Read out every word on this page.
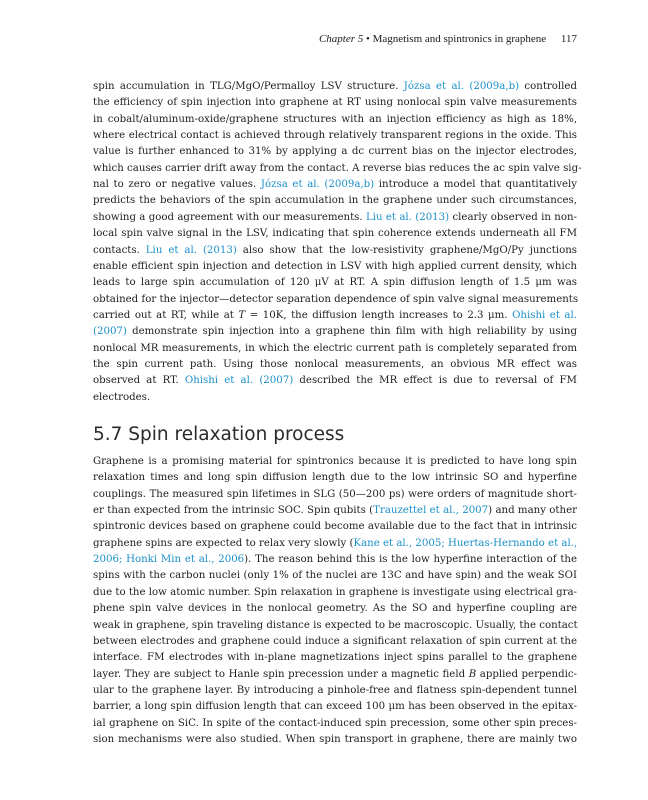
Chapter 5 • Magnetism and spintronics in graphene 117
spin accumulation in TLG/MgO/Permalloy LSV structure. Józsa et al. (2009a,b) controlled
the efficiency of spin injection into graphene at RT using nonlocal spin valve measurements
in cobalt/aluminum-oxide/graphene structures with an injection efficiency as high as 18%,
where electrical contact is achieved through relatively transparent regions in the oxide. This
value is further enhanced to 31% by applying a dc current bias on the injector electrodes,
which causes carrier drift away from the contact. A reverse bias reduces the ac spin valve sig-
nal to zero or negative values. Józsa et al. (2009a,b) introduce a model that quantitatively
predicts the behaviors of the spin accumulation in the graphene under such circumstances,
showing a good agreement with our measurements. Liu et al. (2013) clearly observed in non-
local spin valve signal in the LSV, indicating that spin coherence extends underneath all FM
contacts. Liu et al. (2013) also show that the low-resistivity graphene/MgO/Py junctions
enable efficient spin injection and detection in LSV with high applied current density, which
leads to large spin accumulation of 120 μV at RT. A spin diffusion length of 1.5 μm was
obtained for the injector—detector separation dependence of spin valve signal measurements
carried out at RT, while at T = 10K, the diffusion length increases to 2.3 μm. Ohishi et al.
(2007) demonstrate spin injection into a graphene thin film with high reliability by using
nonlocal MR measurements, in which the electric current path is completely separated from
the spin current path. Using those nonlocal measurements, an obvious MR effect was
observed at RT. Ohishi et al. (2007) described the MR effect is due to reversal of FM
electrodes.
5.7 Spin relaxation process
Graphene is a promising material for spintronics because it is predicted to have long spin
relaxation times and long spin diffusion length due to the low intrinsic SO and hyperfine
couplings. The measured spin lifetimes in SLG (50—200 ps) were orders of magnitude short-
er than expected from the intrinsic SOC. Spin qubits (Trauzettel et al., 2007) and many other
spintronic devices based on graphene could become available due to the fact that in intrinsic
graphene spins are expected to relax very slowly (Kane et al., 2005; Huertas-Hernando et al.,
2006; Honki Min et al., 2006). The reason behind this is the low hyperfine interaction of the
spins with the carbon nuclei (only 1% of the nuclei are 13C and have spin) and the weak SOI
due to the low atomic number. Spin relaxation in graphene is investigate using electrical gra-
phene spin valve devices in the nonlocal geometry. As the SO and hyperfine coupling are
weak in graphene, spin traveling distance is expected to be macroscopic. Usually, the contact
between electrodes and graphene could induce a significant relaxation of spin current at the
interface. FM electrodes with in-plane magnetizations inject spins parallel to the graphene
layer. They are subject to Hanle spin precession under a magnetic field B applied perpendic-
ular to the graphene layer. By introducing a pinhole-free and flatness spin-dependent tunnel
barrier, a long spin diffusion length that can exceed 100 μm has been observed in the epitax-
ial graphene on SiC. In spite of the contact-induced spin precession, some other spin preces-
sion mechanisms were also studied. When spin transport in graphene, there are mainly two
